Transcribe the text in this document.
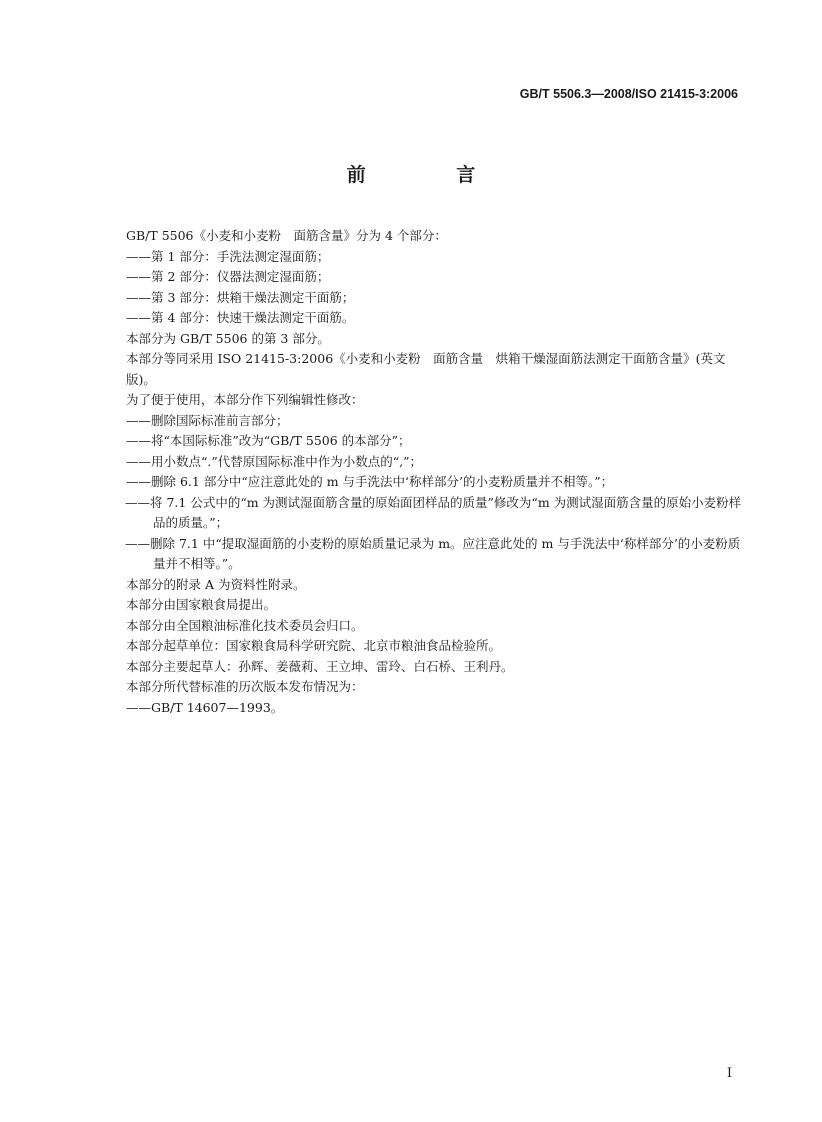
GB/T 5506.3—2008/ISO 21415-3:2006
前 言

GB/T 5506《小麦和小麦粉　面筋含量》分为 4 个部分：

——第 1 部分：手洗法测定湿面筋；

——第 2 部分：仪器法测定湿面筋；

——第 3 部分：烘箱干燥法测定干面筋；

——第 4 部分：快速干燥法测定干面筋。

本部分为 GB/T 5506 的第 3 部分。

本部分等同采用 ISO 21415-3:2006《小麦和小麦粉　面筋含量　烘箱干燥湿面筋法测定干面筋含量》(英文版)。

为了便于使用，本部分作下列编辑性修改：

——删除国际标准前言部分；

——将“本国际标准”改为“GB/T 5506 的本部分”；

——用小数点“.”代替原国际标准中作为小数点的“,”；

——删除 6.1 部分中“应注意此处的 m 与手洗法中‘称样部分’的小麦粉质量并不相等。”；

——将 7.1 公式中的“m 为测试湿面筋含量的原始面团样品的质量”修改为“m 为测试湿面筋含量的原始小麦粉样品的质量。”；

——删除 7.1 中“提取湿面筋的小麦粉的原始质量记录为 m。应注意此处的 m 与手洗法中‘称样部分’的小麦粉质量并不相等。”。

本部分的附录 A 为资料性附录。

本部分由国家粮食局提出。

本部分由全国粮油标准化技术委员会归口。

本部分起草单位：国家粮食局科学研究院、北京市粮油食品检验所。

本部分主要起草人：孙辉、姜薇莉、王立坤、雷玲、白石桥、王利丹。

本部分所代替标准的历次版本发布情况为：

——GB/T 14607—1993。

I
